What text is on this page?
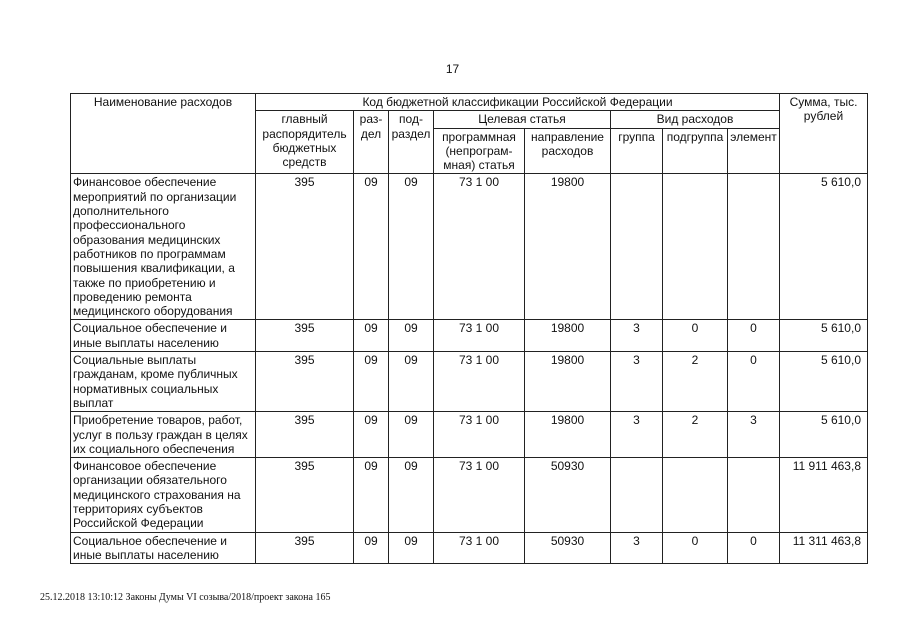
17
Наименование расходов	Код бюджетной классификации Российской Федерации								Сумма, тыс. рублей
	главный распорядитель бюджетных средств	раз-дел	под-раздел	Целевая статья		Вид расходов			
				программная (непрограм-мная) статья	направление расходов	группа	подгруппа	элемент	
Финансовое обеспечение мероприятий по организации дополнительного профессионального образования медицинских работников по программам повышения квалификации, а также по приобретению и проведению ремонта медицинского оборудования	395	09	09	73 1 00	19800				5 610,0
Социальное обеспечение и иные выплаты населению	395	09	09	73 1 00	19800	3	0	0	5 610,0
Социальные выплаты гражданам, кроме публичных нормативных социальных выплат	395	09	09	73 1 00	19800	3	2	0	5 610,0
Приобретение товаров, работ, услуг в пользу граждан в целях их социального обеспечения	395	09	09	73 1 00	19800	3	2	3	5 610,0
Финансовое обеспечение организации обязательного медицинского страхования на территориях субъектов Российской Федерации	395	09	09	73 1 00	50930				11 911 463,8
Социальное обеспечение и иные выплаты населению	395	09	09	73 1 00	50930	3	0	0	11 311 463,8
25.12.2018 13:10:12 Законы Думы VI созыва/2018/проект закона 165
